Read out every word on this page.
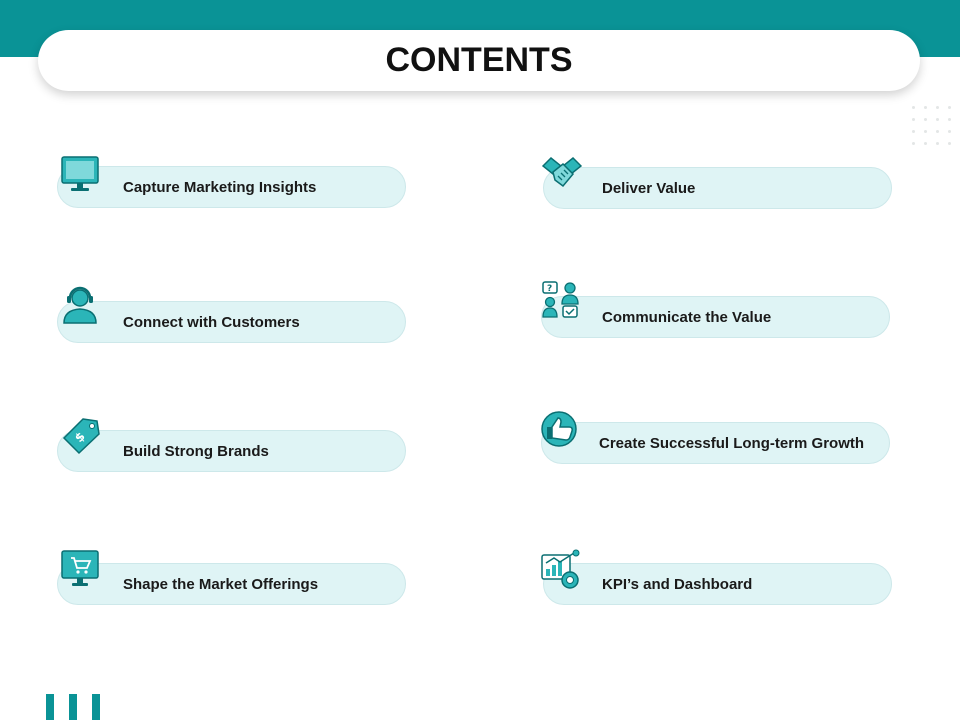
CONTENTS
Capture Marketing Insights
Connect with Customers
Build Strong Brands
$
Shape the Market Offerings
Deliver Value
Communicate the Value
?
Create Successful Long-term Growth
KPI’s and Dashboard
